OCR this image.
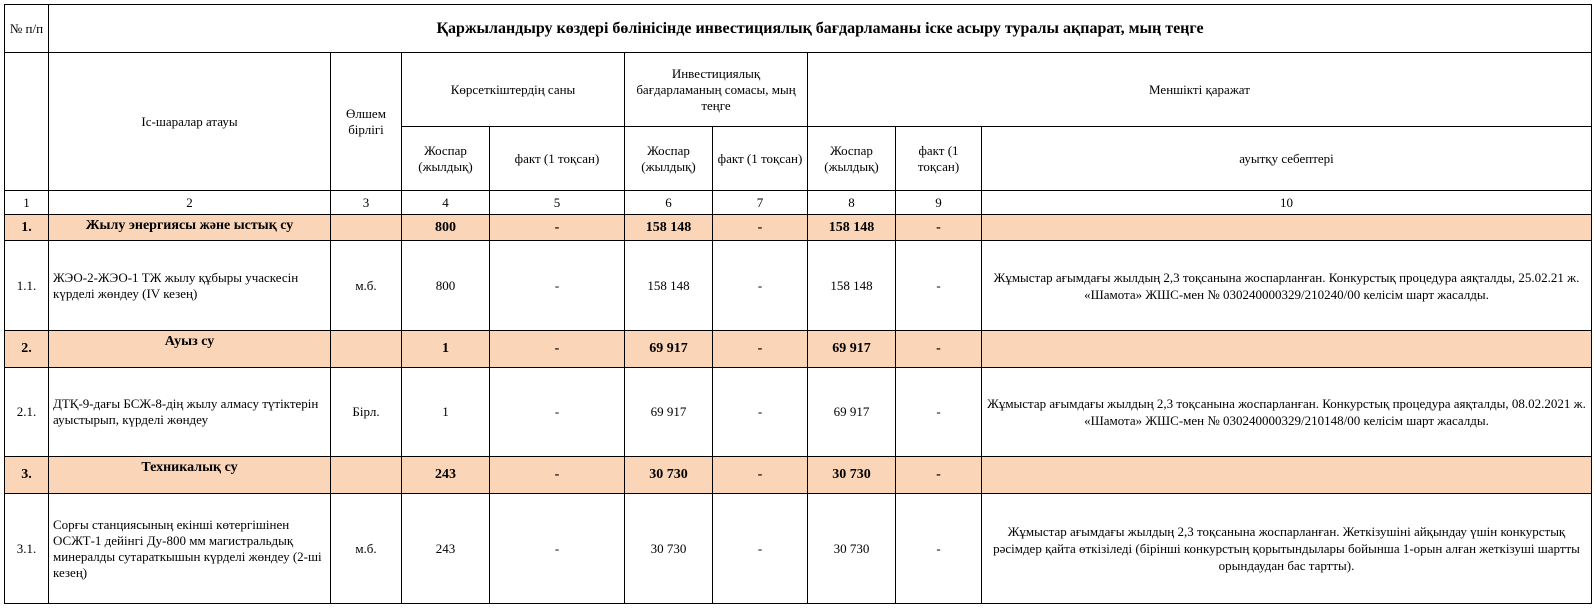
№ п/п	Қаржыландыру көздері бөлінісінде инвестициялық бағдарламаны іске асыру туралы ақпарат, мың теңге								
	Іс-шаралар атауы	Өлшем бірлігі	Көрсеткіштердің саны		Инвестициялық бағдарламаның сомасы, мың теңге		Меншікті қаражат		
			Жоспар (жылдық)	факт (1 тоқсан)	Жоспар (жылдық)	факт (1 тоқсан)	Жоспар (жылдық)	факт (1 тоқсан)	ауытқу себептері
1	2	3	4	5	6	7	8	9	10
1.	Жылу энергиясы және ыстық су		800	-	158 148	-	158 148	-	
1.1.	ЖЭО-2-ЖЭО-1 ТЖ жылу құбыры учаскесін күрделі жөндеу (IV кезең)	м.б.	800	-	158 148	-	158 148	-	Жұмыстар ағымдағы жылдың 2,3 тоқсанына жоспарланған. Конкурстық процедура аяқталды, 25.02.21 ж. «Шамота» ЖШС-мен № 030240000329/210240/00 келісім шарт жасалды.
2.	Ауыз су		1	-	69 917	-	69 917	-	
2.1.	ДТҚ-9-дағы БСЖ-8-дің жылу алмасу түтіктерін ауыстырып, күрделі жөндеу	Бірл.	1	-	69 917	-	69 917	-	Жұмыстар ағымдағы жылдың 2,3 тоқсанына жоспарланған. Конкурстық процедура аяқталды, 08.02.2021 ж. «Шамота» ЖШС-мен № 030240000329/210148/00 келісім шарт жасалды.
3.	Техникалық су		243	-	30 730	-	30 730	-	
3.1.	Сорғы станциясының екінші көтергішінен ОСЖТ-1 дейінгі Ду-800 мм магистральдық минералды сутараткышын күрделі жөндеу (2-ші кезең)	м.б.	243	-	30 730	-	30 730	-	Жұмыстар ағымдағы жылдың 2,3 тоқсанына жоспарланған. Жеткізушіні айқындау үшін конкурстық рәсімдер қайта өткізіледі (бірінші конкурстың қорытындылары бойынша 1-орын алған жеткізуші шартты орындаудан бас тартты).
